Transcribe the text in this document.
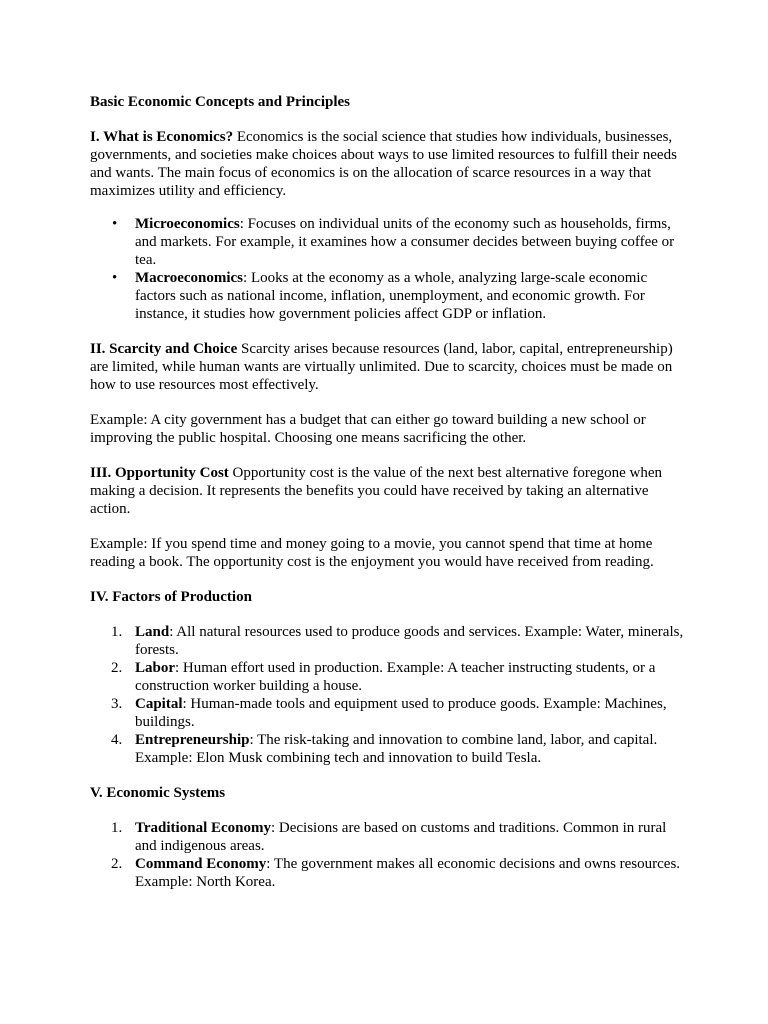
Basic Economic Concepts and Principles

I. What is Economics? Economics is the social science that studies how individuals, businesses, governments, and societies make choices about ways to use limited resources to fulfill their needs and wants. The main focus of economics is on the allocation of scarce resources in a way that maximizes utility and efficiency.

• Microeconomics: Focuses on individual units of the economy such as households, firms, and markets. For example, it examines how a consumer decides between buying coffee or tea.
• Macroeconomics: Looks at the economy as a whole, analyzing large-scale economic factors such as national income, inflation, unemployment, and economic growth. For instance, it studies how government policies affect GDP or inflation.

II. Scarcity and Choice Scarcity arises because resources (land, labor, capital, entrepreneurship) are limited, while human wants are virtually unlimited. Due to scarcity, choices must be made on how to use resources most effectively.

Example: A city government has a budget that can either go toward building a new school or improving the public hospital. Choosing one means sacrificing the other.

III. Opportunity Cost Opportunity cost is the value of the next best alternative foregone when making a decision. It represents the benefits you could have received by taking an alternative action.

Example: If you spend time and money going to a movie, you cannot spend that time at home reading a book. The opportunity cost is the enjoyment you would have received from reading.

IV. Factors of Production
1. Land: All natural resources used to produce goods and services. Example: Water, minerals, forests.
2. Labor: Human effort used in production. Example: A teacher instructing students, or a construction worker building a house.
3. Capital: Human-made tools and equipment used to produce goods. Example: Machines, buildings.
4. Entrepreneurship: The risk-taking and innovation to combine land, labor, and capital. Example: Elon Musk combining tech and innovation to build Tesla.
V. Economic Systems
1. Traditional Economy: Decisions are based on customs and traditions. Common in rural and indigenous areas.
2. Command Economy: The government makes all economic decisions and owns resources. Example: North Korea.
